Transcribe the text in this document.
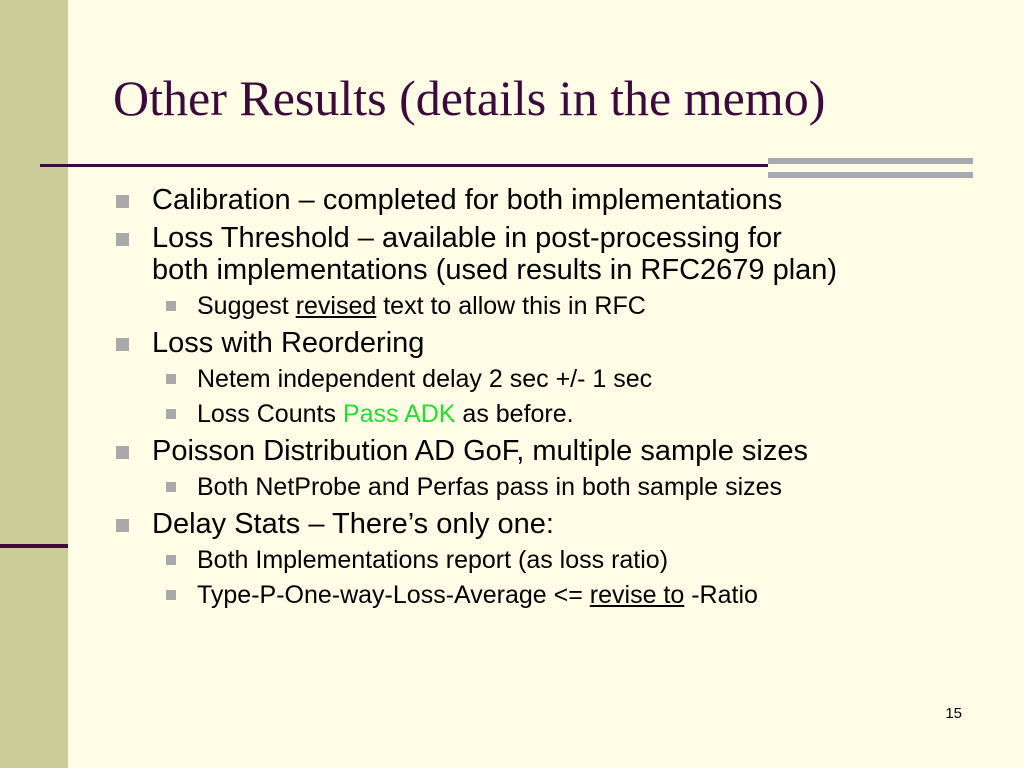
Other Results (details in the memo)
Calibration – completed for both implementations
Loss Threshold – available in post-processing for
both implementations (used results in RFC2679 plan)
Suggest revised text to allow this in RFC
Loss with Reordering
Netem independent delay 2 sec +/- 1 sec
Loss Counts Pass ADK as before.
Poisson Distribution AD GoF, multiple sample sizes
Both NetProbe and Perfas pass in both sample sizes
Delay Stats – There’s only one:
Both Implementations report (as loss ratio)
Type-P-One-way-Loss-Average <= revise to -Ratio
15
